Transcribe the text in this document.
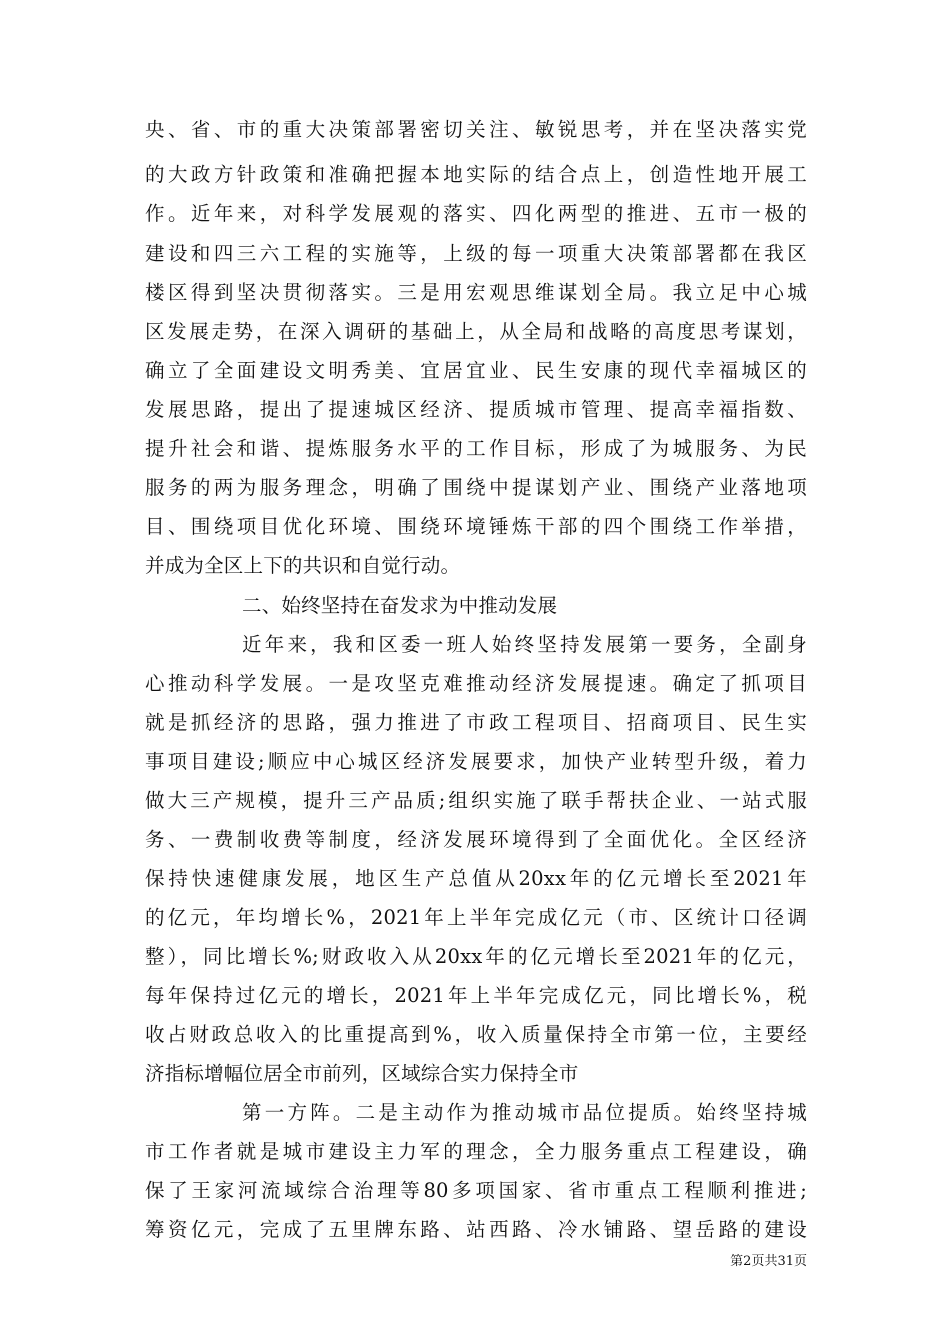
央、省、市的重大决策部署密切关注、敏锐思考，并在坚决落实党
的大政方针政策和准确把握本地实际的结合点上，创造性地开展工
作。近年来，对科学发展观的落实、四化两型的推进、五市一极的
建设和四三六工程的实施等，上级的每一项重大决策部署都在我区
楼区得到坚决贯彻落实。三是用宏观思维谋划全局。我立足中心城
区发展走势，在深入调研的基础上，从全局和战略的高度思考谋划，
确立了全面建设文明秀美、宜居宜业、民生安康的现代幸福城区的
发展思路，提出了提速城区经济、提质城市管理、提高幸福指数、
提升社会和谐、提炼服务水平的工作目标，形成了为城服务、为民
服务的两为服务理念，明确了围绕中提谋划产业、围绕产业落地项
目、围绕项目优化环境、围绕环境锤炼干部的四个围绕工作举措，
并成为全区上下的共识和自觉行动。
二、始终坚持在奋发求为中推动发展
近年来，我和区委一班人始终坚持发展第一要务，全副身
心推动科学发展。一是攻坚克难推动经济发展提速。确定了抓项目
就是抓经济的思路，强力推进了市政工程项目、招商项目、民生实
事项目建设;顺应中心城区经济发展要求，加快产业转型升级，着力
做大三产规模，提升三产品质;组织实施了联手帮扶企业、一站式服
务、一费制收费等制度，经济发展环境得到了全面优化。全区经济
保持快速健康发展，地区生产总值从20xx年的亿元增长至2021年
的亿元，年均增长%，2021年上半年完成亿元（市、区统计口径调
整），同比增长%;财政收入从20xx年的亿元增长至2021年的亿元，
每年保持过亿元的增长，2021年上半年完成亿元，同比增长%，税
收占财政总收入的比重提高到%，收入质量保持全市第一位，主要经
济指标增幅位居全市前列，区域综合实力保持全市
第一方阵。二是主动作为推动城市品位提质。始终坚持城
市工作者就是城市建设主力军的理念，全力服务重点工程建设，确
保了王家河流域综合治理等80多项国家、省市重点工程顺利推进;
筹资亿元，完成了五里牌东路、站西路、冷水铺路、望岳路的建设
第2页共31页
